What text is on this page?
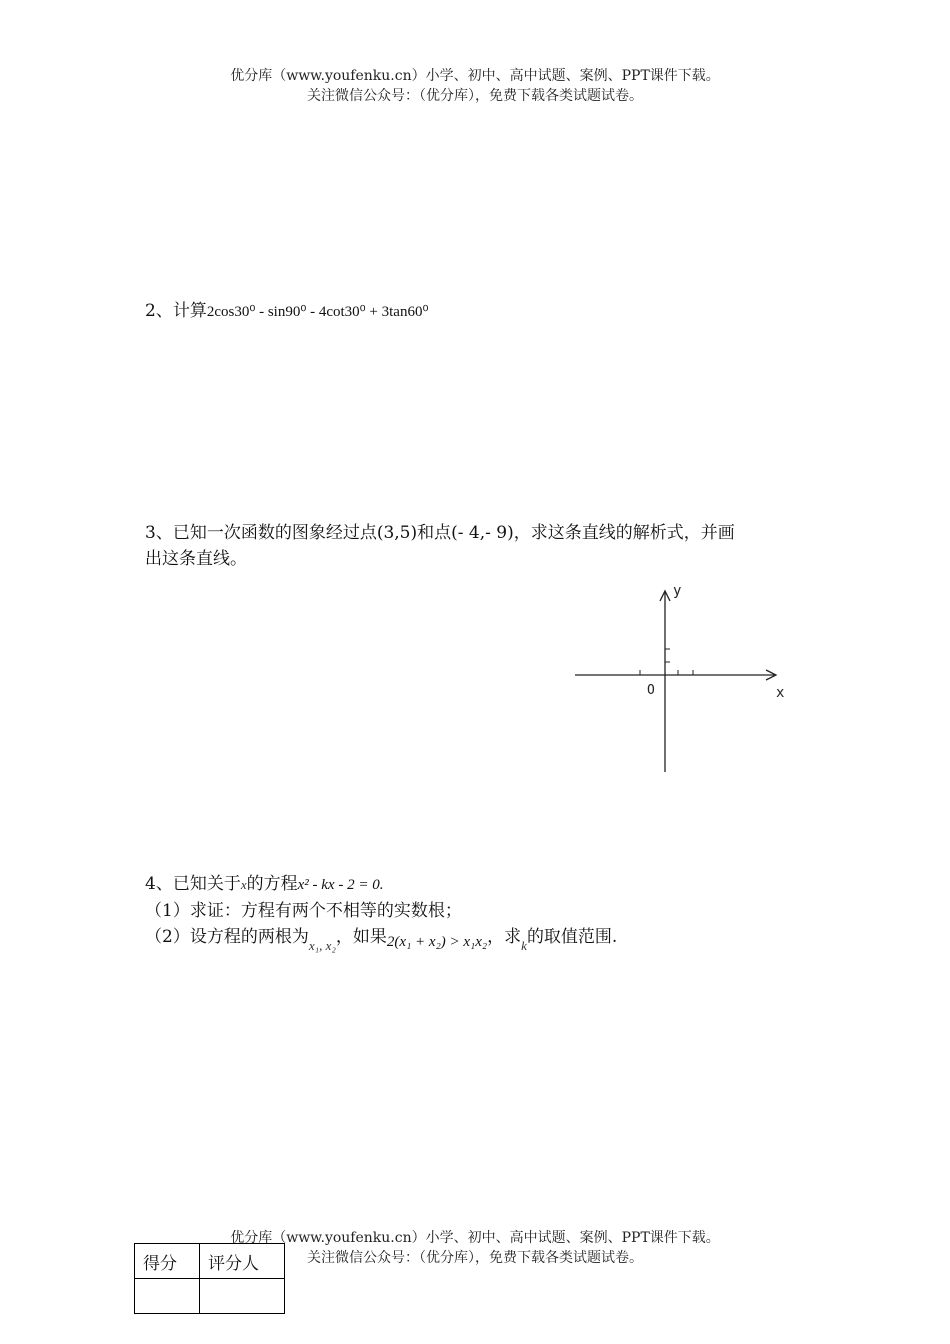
优分库（www.youfenku.cn）小学、初中、高中试题、案例、PPT课件下载。
关注微信公众号：（优分库），免费下载各类试题试卷。
2、计算2cos30⁰ - sin90⁰ - 4cot30⁰ + 3tan60⁰
3、已知一次函数的图象经过点(3,5)和点(- 4,- 9)，求这条直线的解析式，并画
出这条直线。
y
x
O
4、已知关于x的方程x² - kx - 2 = 0.
（1）求证：方程有两个不相等的实数根；
（2）设方程的两根为$_{x_1, x_2}$，如果2(x₁ + x₂) > x₁x₂，求$_k$的取值范围.
优分库（www.youfenku.cn）小学、初中、高中试题、案例、PPT课件下载。
关注微信公众号：（优分库），免费下载各类试题试卷。
得分	评分人
